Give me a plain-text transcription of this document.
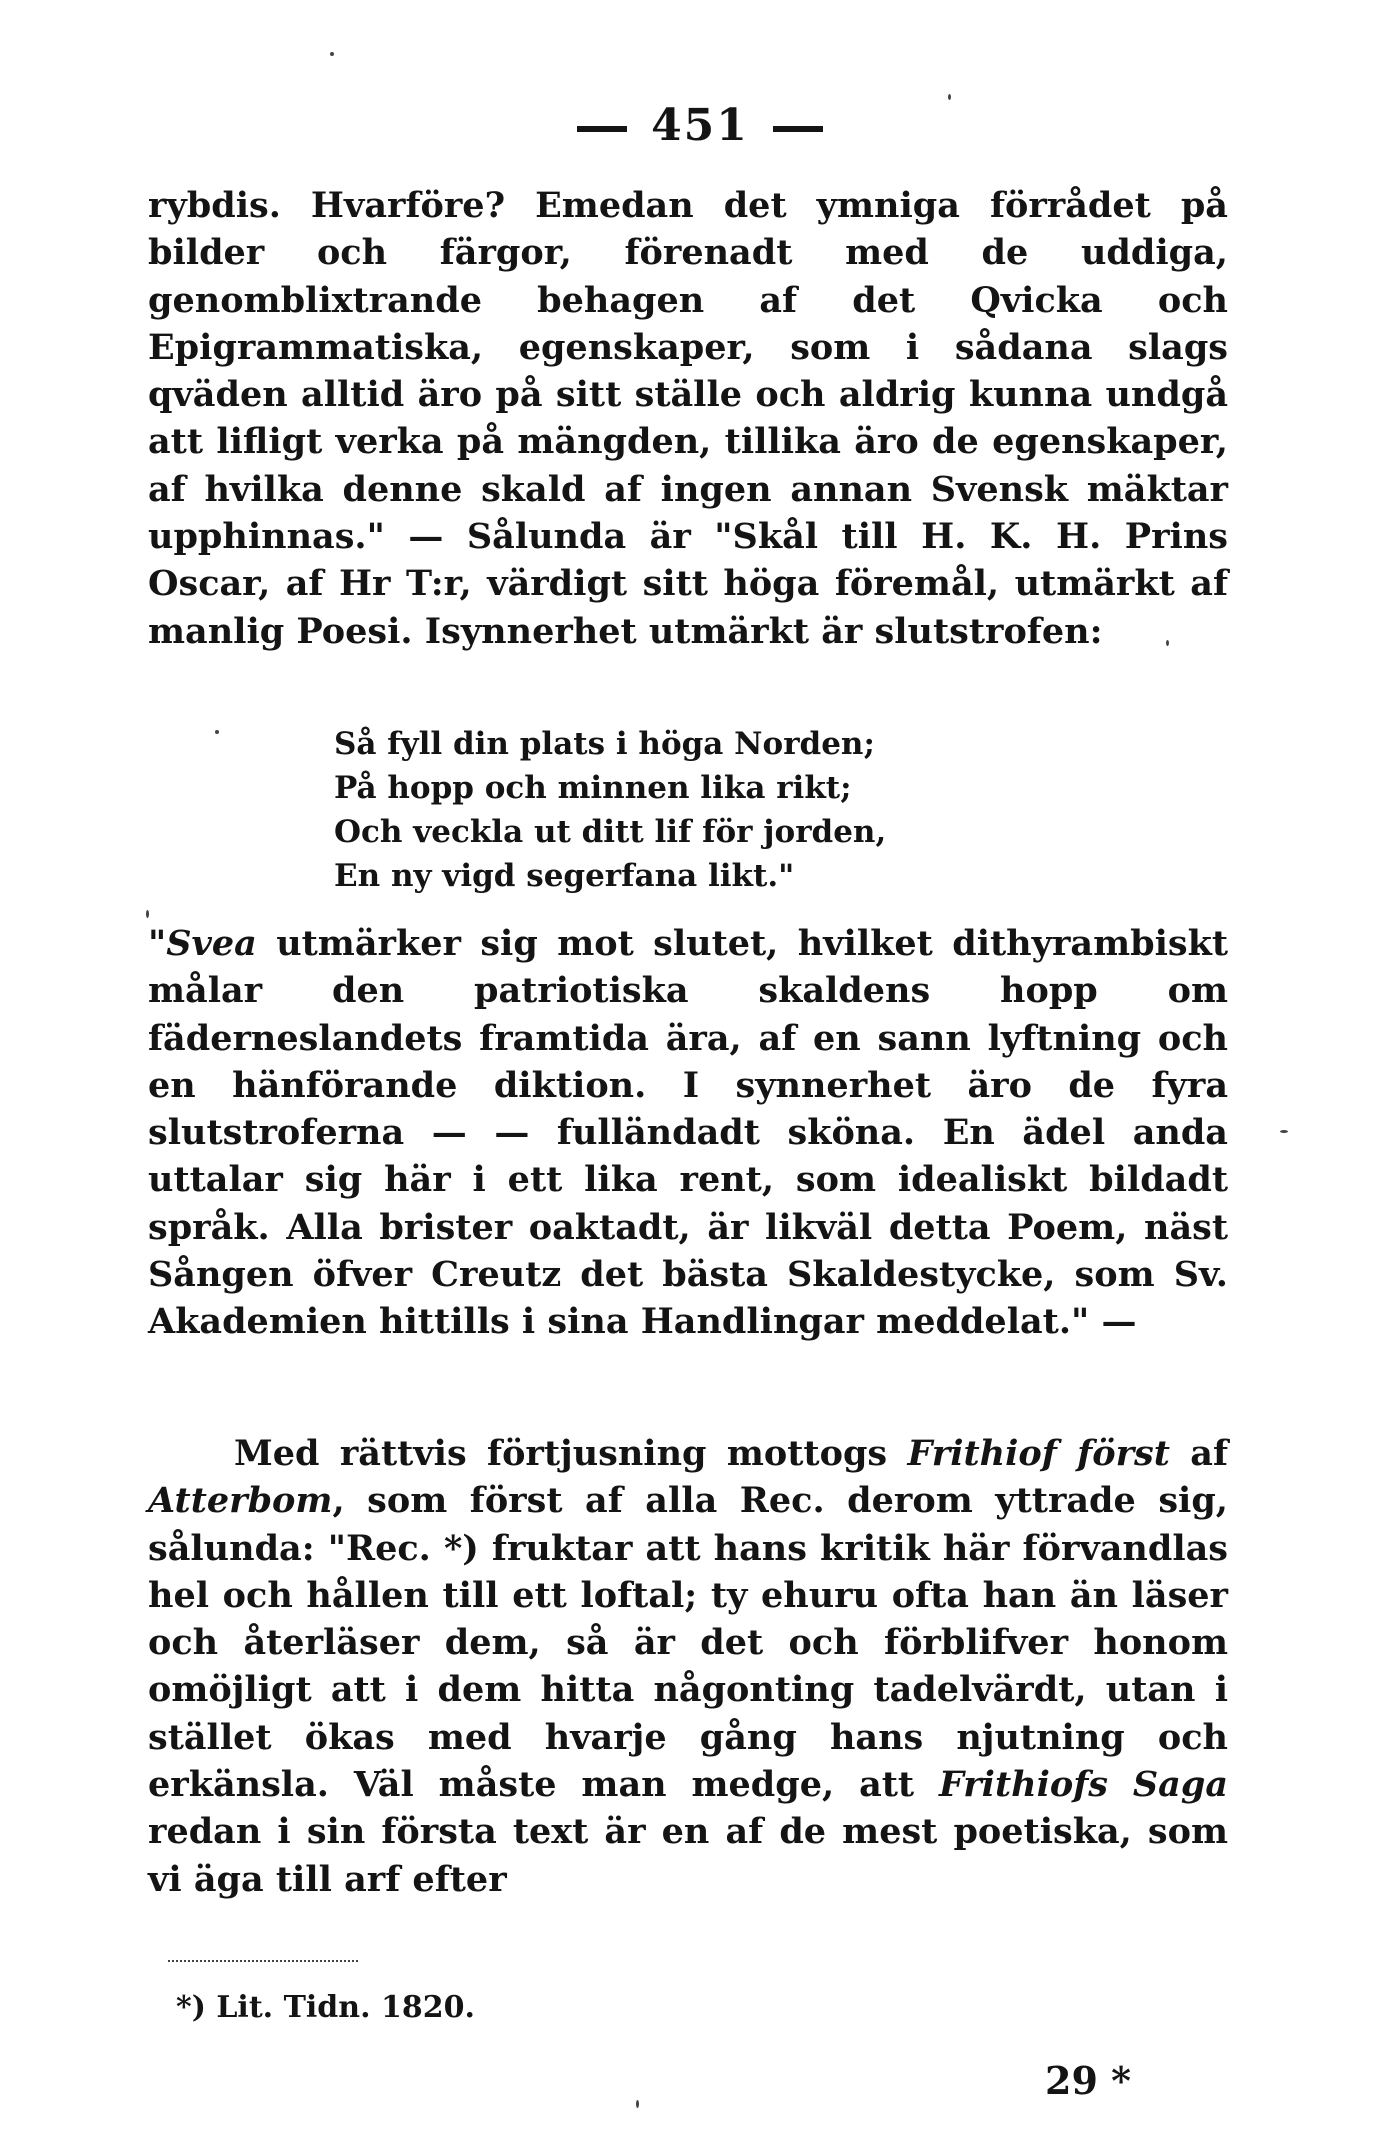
451
rybdis. Hvarföre? Emedan det ymniga förrådet på bilder och färgor, förenadt med de uddiga, genomblixtrande behagen af det Qvicka och Epigrammatiska, egenskaper, som i sådana slags qväden alltid äro på sitt ställe och aldrig kunna undgå att lifligt verka på mängden, tillika äro de egenskaper, af hvilka denne skald af ingen annan Svensk mäktar upphinnas." — Sålunda är "Skål till H. K. H. Prins Oscar, af Hr T:r, värdigt sitt höga föremål, utmärkt af manlig Poesi. Isynnerhet utmärkt är slutstrofen:
Så fyll din plats i höga Norden;
På hopp och minnen lika rikt;
Och veckla ut ditt lif för jorden,
En ny vigd segerfana likt."
"Svea utmärker sig mot slutet, hvilket dithyrambiskt målar den patriotiska skaldens hopp om fäderneslandets framtida ära, af en sann lyftning och en hänförande diktion. I synnerhet äro de fyra slutstroferna — — fulländadt sköna. En ädel anda uttalar sig här i ett lika rent, som idealiskt bildadt språk. Alla brister oaktadt, är likväl detta Poem, näst Sången öfver Creutz det bästa Skaldestycke, som Sv. Akademien hittills i sina Handlingar meddelat." —
Med rättvis förtjusning mottogs Frithiof först af Atterbom, som först af alla Rec. derom yttrade sig, sålunda: "Rec. *) fruktar att hans kritik här förvandlas hel och hållen till ett loftal; ty ehuru ofta han än läser och återläser dem, så är det och förblifver honom omöjligt att i dem hitta någonting tadelvärdt, utan i stället ökas med hvarje gång hans njutning och erkänsla. Väl måste man medge, att Frithiofs Saga redan i sin första text är en af de mest poetiska, som vi äga till arf efter
*) Lit. Tidn. 1820.
29 *
